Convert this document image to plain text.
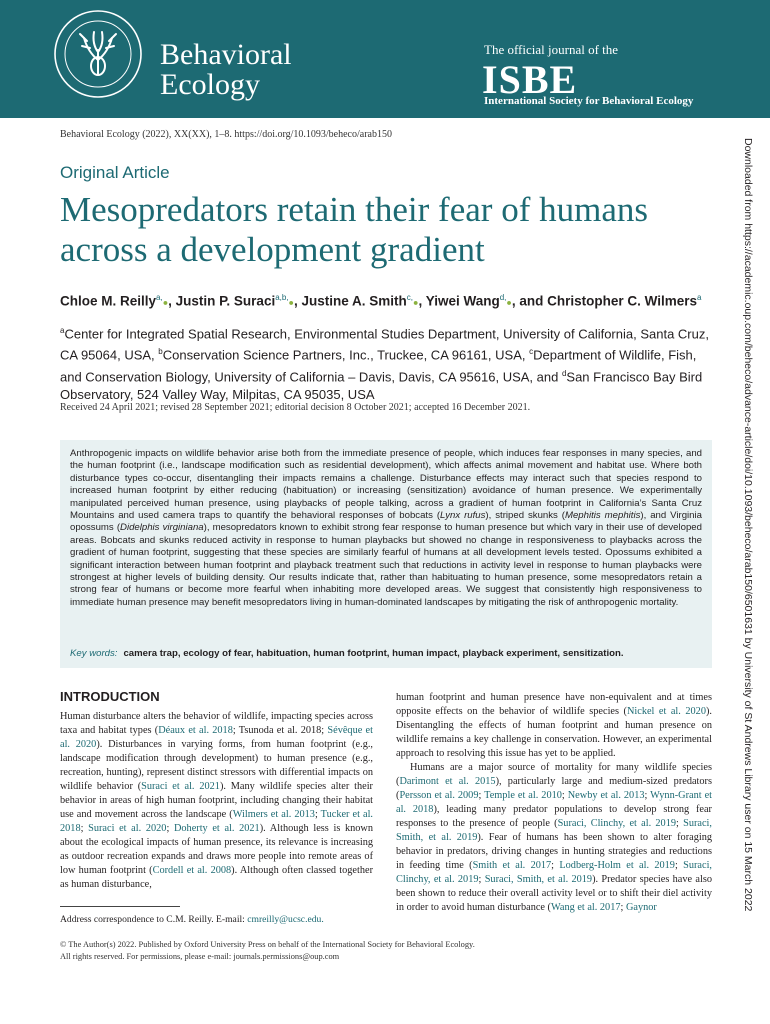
Behavioral
Ecology
The official journal of the
ISBE
International Society for Behavioral Ecology
Behavioral Ecology (2022), XX(XX), 1–8. https://doi.org/10.1093/beheco/arab150
Original Article
Mesopredators retain their fear of humans across a development gradient
Chloe M. Reilly$^{a,}$●, Justin P. Suraci$^{a,b,}$●, Justine A. Smith$^{c,}$●, Yiwei Wang$^{d,}$●, and Christopher C. Wilmers$^a$
$^a$Center for Integrated Spatial Research, Environmental Studies Department, University of California, Santa Cruz, CA 95064, USA, $^b$Conservation Science Partners, Inc., Truckee, CA 96161, USA, $^c$Department of Wildlife, Fish, and Conservation Biology, University of California – Davis, Davis, CA 95616, USA, and $^d$San Francisco Bay Bird Observatory, 524 Valley Way, Milpitas, CA 95035, USA
Received 24 April 2021; revised 28 September 2021; editorial decision 8 October 2021; accepted 16 December 2021.
Anthropogenic impacts on wildlife behavior arise both from the immediate presence of people, which induces fear responses in many species, and the human footprint (i.e., landscape modification such as residential development), which affects animal movement and habitat use. Where both disturbance types co-occur, disentangling their impacts remains a challenge. Disturbance effects may interact such that species respond to increased human footprint by either reducing (habituation) or increasing (sensitization) avoidance of human presence. We experimentally manipulated perceived human presence, using playbacks of people talking, across a gradient of human footprint in California’s Santa Cruz Mountains and used camera traps to quantify the behavioral responses of bobcats (Lynx rufus), striped skunks (Mephitis mephitis), and Virginia opossums (Didelphis virginiana), mesopredators known to exhibit strong fear response to human presence but which vary in their use of developed areas. Bobcats and skunks reduced activity in response to human playbacks but showed no change in responsiveness to playbacks across the gradient of human footprint, suggesting that these species are similarly fearful of humans at all development levels tested. Opossums exhibited a significant interaction between human footprint and playback treatment such that reductions in activity level in response to human playbacks were strongest at higher levels of building density. Our results indicate that, rather than habituating to human presence, some mesopredators retain a strong fear of humans or become more fearful when inhabiting more developed areas. We suggest that consistently high responsiveness to immediate human presence may benefit mesopredators living in human-dominated landscapes by mitigating the risk of anthropogenic mortality.
Key words: camera trap, ecology of fear, habituation, human footprint, human impact, playback experiment, sensitization.
INTRODUCTION

Human disturbance alters the behavior of wildlife, impacting species across taxa and habitat types (Déaux et al. 2018; Tsunoda et al. 2018; Sévêque et al. 2020). Disturbances in varying forms, from human footprint (e.g., landscape modification through development) to human presence (e.g., recreation, hunting), represent distinct stressors with differential impacts on wildlife behavior (Suraci et al. 2021). Many wildlife species alter their behavior in areas of high human footprint, including changing their habitat use and movement across the landscape (Wilmers et al. 2013; Tucker et al. 2018; Suraci et al. 2020; Doherty et al. 2021). Although less is known about the ecological impacts of human presence, its relevance is increasing as outdoor recreation expands and draws more people into remote areas of low human footprint (Cordell et al. 2008). Although often classed together as human disturbance,

human footprint and human presence have non-equivalent and at times opposite effects on the behavior of wildlife species (Nickel et al. 2020). Disentangling the effects of human footprint and human presence on wildlife remains a key challenge in conservation. However, an experimental approach to resolving this issue has yet to be applied.

Humans are a major source of mortality for many wildlife species (Darimont et al. 2015), particularly large and medium-sized predators (Persson et al. 2009; Temple et al. 2010; Newby et al. 2013; Wynn-Grant et al. 2018), leading many predator populations to develop strong fear responses to the presence of people (Suraci, Clinchy, et al. 2019; Suraci, Smith, et al. 2019). Fear of humans has been shown to alter foraging behavior in predators, driving changes in hunting strategies and reductions in feeding time (Smith et al. 2017; Lodberg-Holm et al. 2019; Suraci, Clinchy, et al. 2019; Suraci, Smith, et al. 2019). Predator species have also been shown to reduce their overall activity level or to shift their diel activity in order to avoid human disturbance (Wang et al. 2017; Gaynor

Address correspondence to C.M. Reilly. E-mail: cmreilly@ucsc.edu.
© The Author(s) 2022. Published by Oxford University Press on behalf of the International Society for Behavioral Ecology.
All rights reserved. For permissions, please e-mail: journals.permissions@oup.com
Downloaded from https://academic.oup.com/beheco/advance-article/doi/10.1093/beheco/arab150/6501631 by University of St Andrews Library user on 15 March 2022
